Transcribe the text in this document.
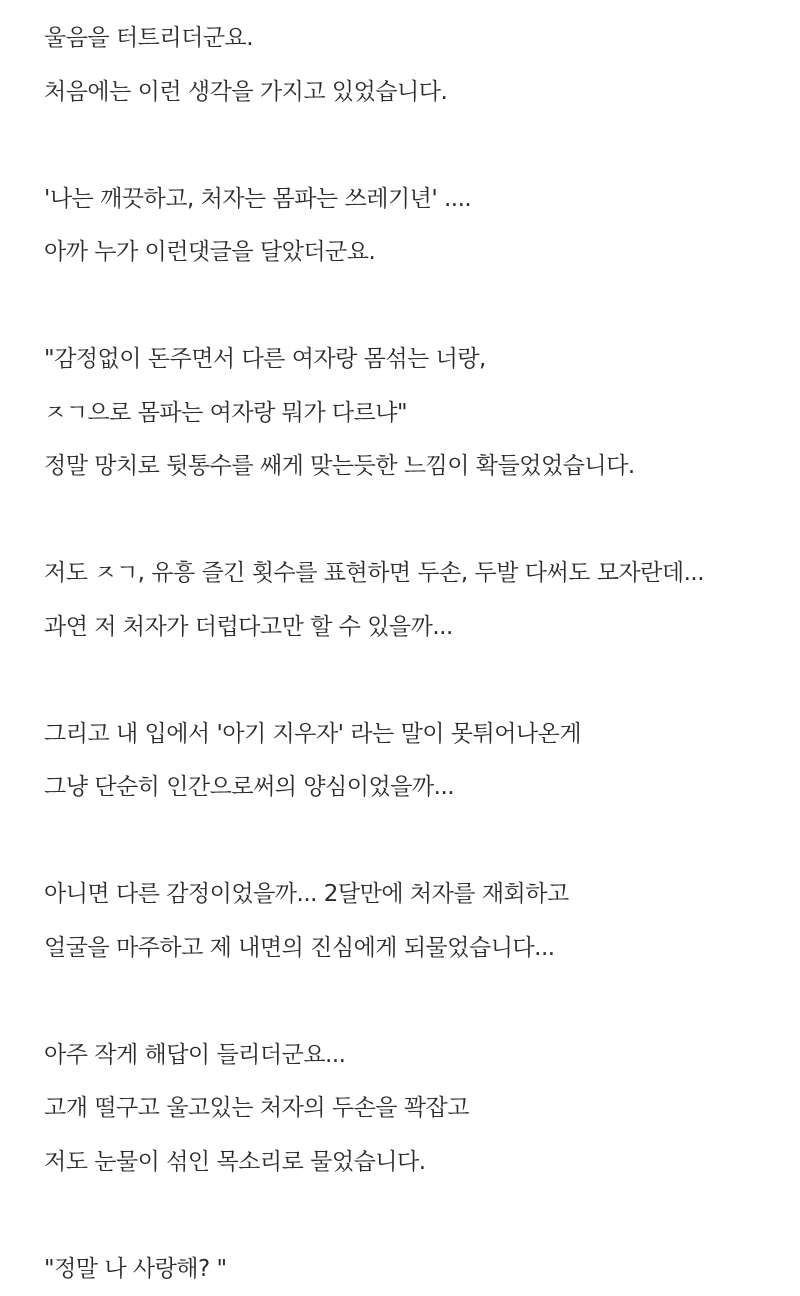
울음을 터트리더군요.
처음에는 이런 생각을 가지고 있었습니다.
'나는 깨끗하고, 처자는 몸파는 쓰레기년' ....
아까 누가 이런댓글을 달았더군요.
"감정없이 돈주면서 다른 여자랑 몸섞는 너랑,
ㅈㄱ으로 몸파는 여자랑 뭐가 다르냐"
정말 망치로 뒷통수를 쌔게 맞는듯한 느낌이 확들었었습니다.
저도 ㅈㄱ, 유흥 즐긴 횟수를 표현하면 두손, 두발 다써도 모자란데...
과연 저 처자가 더럽다고만 할 수 있을까...
그리고 내 입에서 '아기 지우자' 라는 말이 못튀어나온게
그냥 단순히 인간으로써의 양심이었을까...
아니면 다른 감정이었을까... 2달만에 처자를 재회하고
얼굴을 마주하고 제 내면의 진심에게 되물었습니다...
아주 작게 해답이 들리더군요...
고개 떨구고 울고있는 처자의 두손을 꽉잡고
저도 눈물이 섞인 목소리로 물었습니다.
"정말 나 사랑해? "
